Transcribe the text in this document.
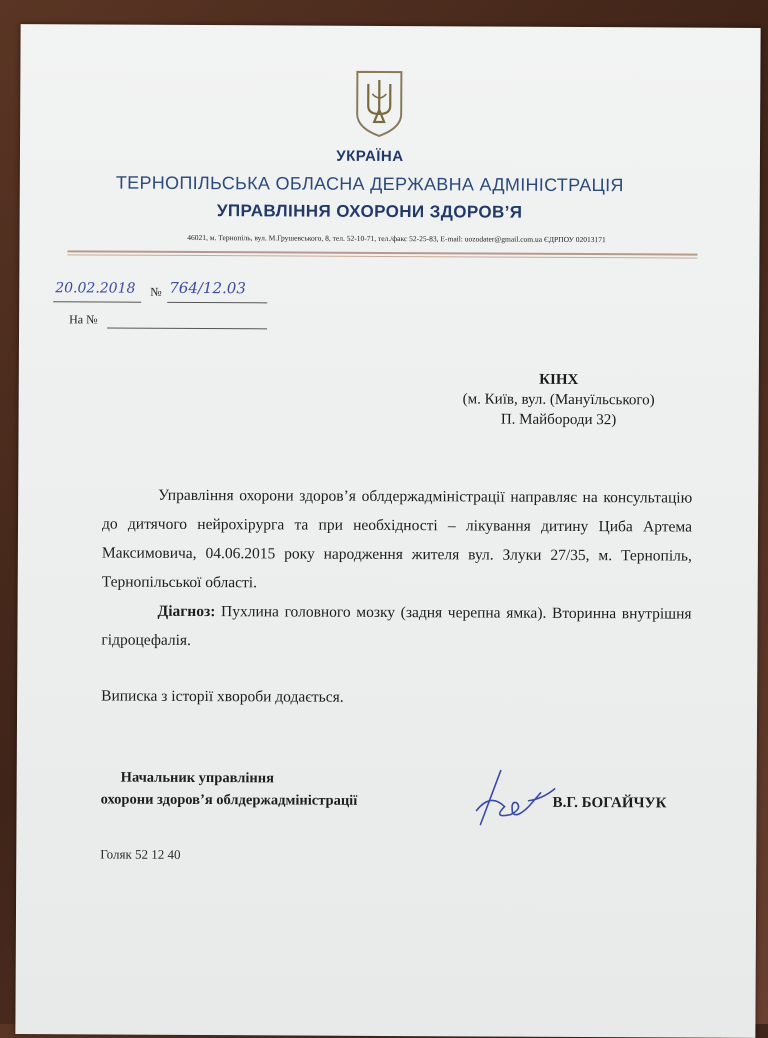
УКРАЇНА
ТЕРНОПІЛЬСЬКА ОБЛАСНА ДЕРЖАВНА АДМІНІСТРАЦІЯ
УПРАВЛІННЯ ОХОРОНИ ЗДОРОВ’Я
46021, м. Тернопіль, вул. М.Грушевського, 8, тел. 52-10-71, тел./факс 52-25-83, E-mail: uozodater@gmail.com.ua ЄДРПОУ 02013171
20.02.2018 № 764/12.03
На №
КІНХ
(м. Київ, вул. (Мануїльського)
П. Майбороди 32)

Управління охорони здоров’я облдержадміністрації направляє на консультацію до дитячого нейрохірурга та при необхідності – лікування дитину Циба Артема Максимовича, 04.06.2015 року народження жителя вул. Злуки 27/35, м. Тернопіль, Тернопільської області.

Діагноз: Пухлина головного мозку (задня черепна ямка). Вторинна внутрішня гідроцефалія.

Виписка з історії хвороби додається.
Начальник управління
охорони здоров’я облдержадміністрації	В.Г. БОГАЙЧУК
Голяк 52 12 40
